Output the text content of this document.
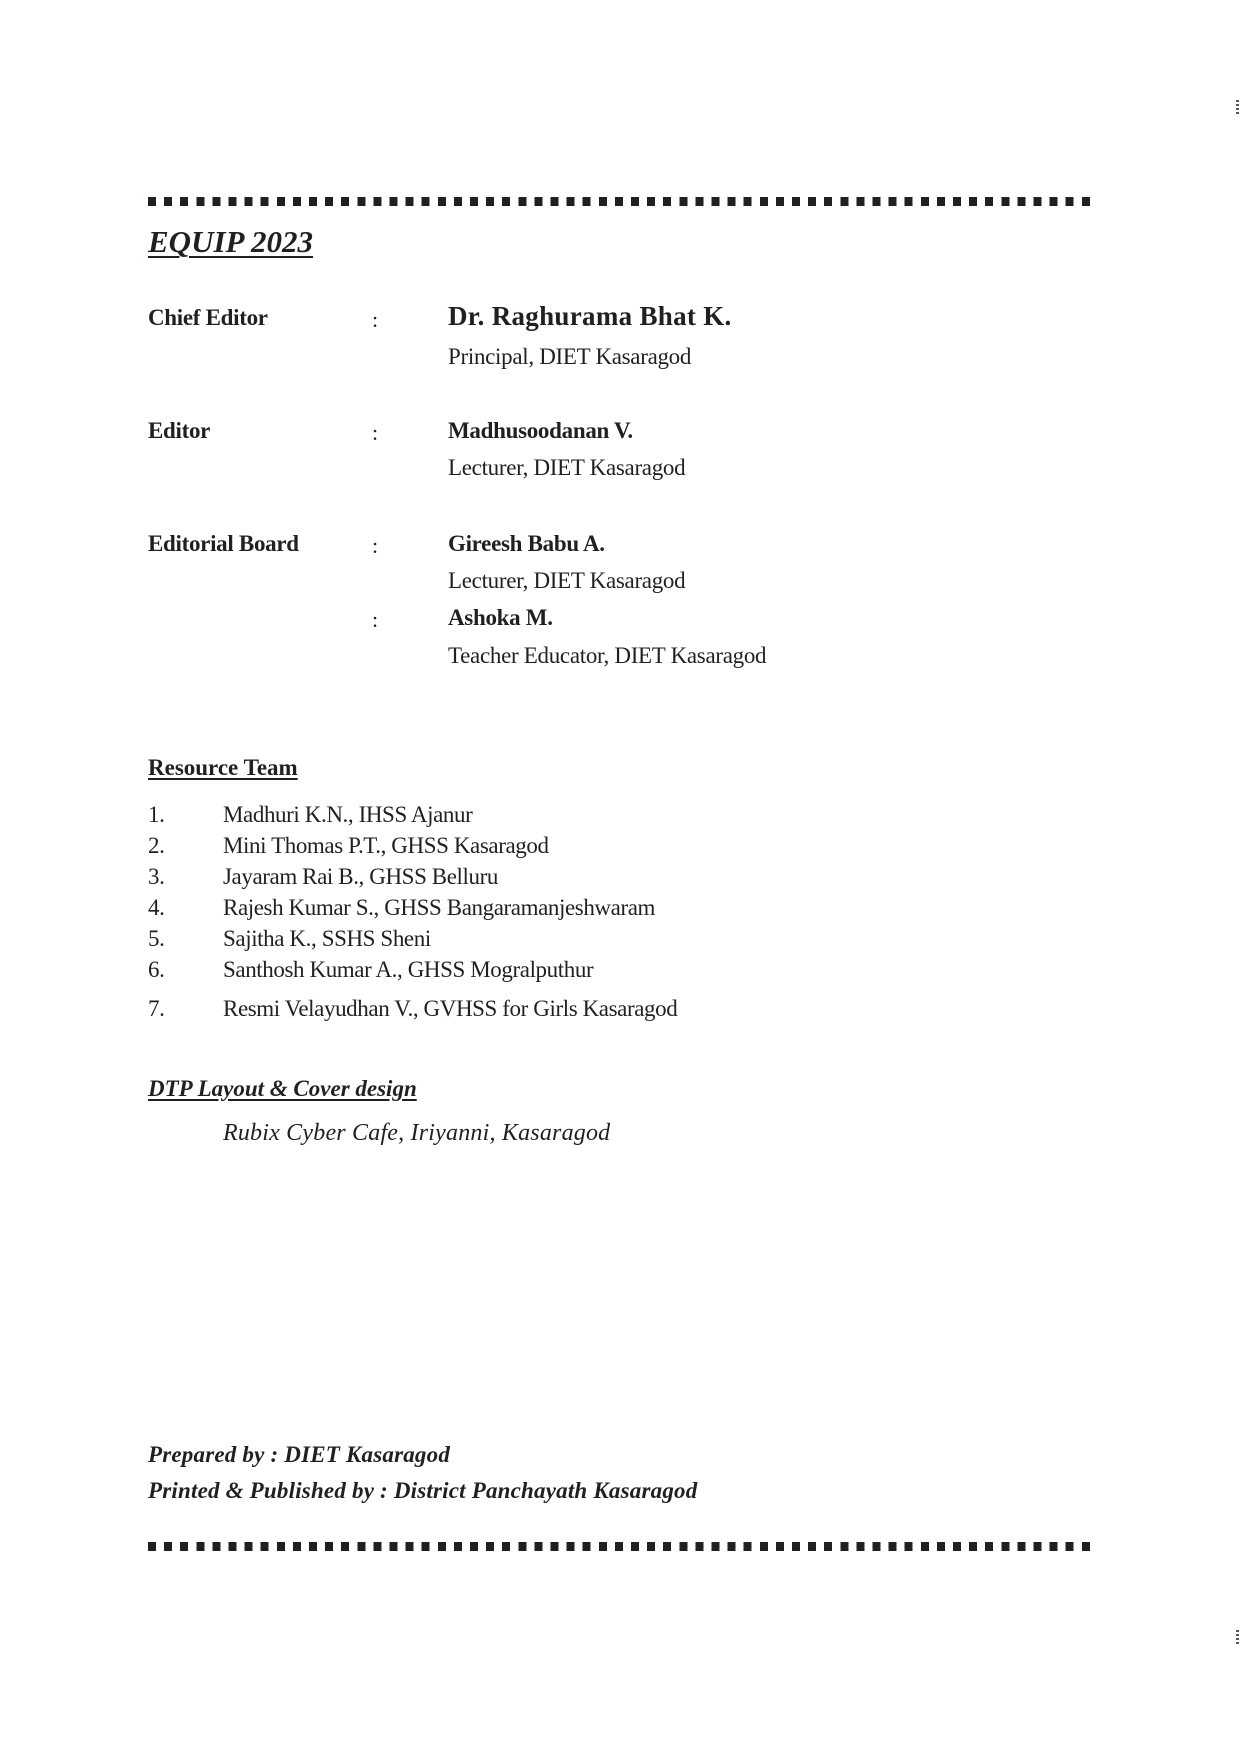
EQUIP 2023
Chief Editor	:	Dr. Raghurama Bhat K.
Principal, DIET Kasaragod
Editor	:	Madhusoodanan V.
Lecturer, DIET Kasaragod
Editorial Board	:	Gireesh Babu A.
Lecturer, DIET Kasaragod
:	Ashoka M.
Teacher Educator, DIET Kasaragod
Resource Team
1.	Madhuri K.N., IHSS Ajanur
2.	Mini Thomas P.T., GHSS Kasaragod
3.	Jayaram Rai B., GHSS Belluru
4.	Rajesh Kumar S., GHSS Bangaramanjeshwaram
5.	Sajitha K., SSHS Sheni
6.	Santhosh Kumar A., GHSS Mogralputhur
7.	Resmi Velayudhan V., GVHSS for Girls Kasaragod
DTP Layout & Cover design
Rubix Cyber Cafe, Iriyanni, Kasaragod
Prepared by : DIET Kasaragod
Printed & Published by : District Panchayath Kasaragod
